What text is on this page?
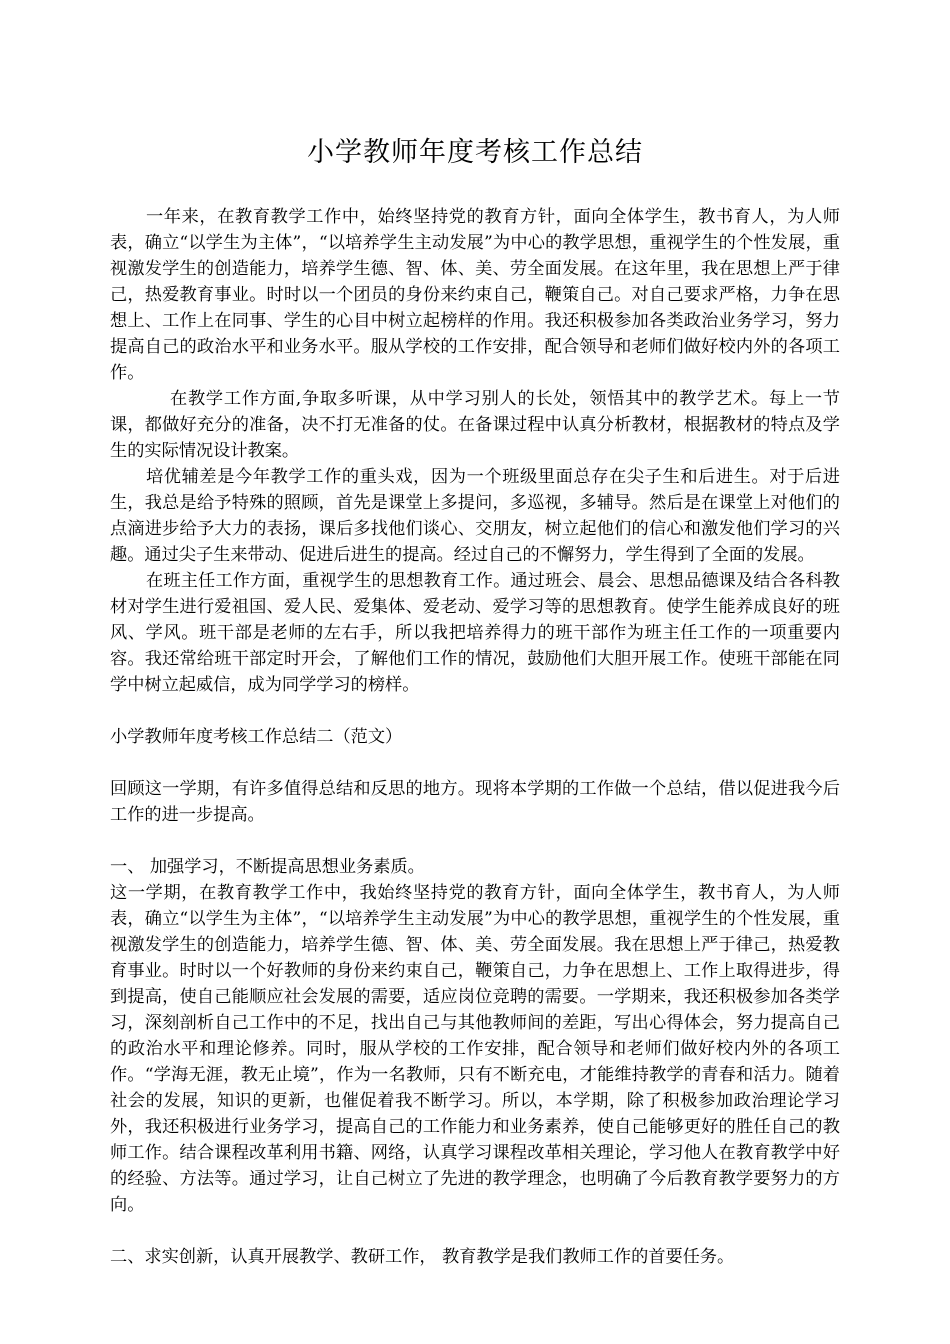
小学教师年度考核工作总结

一年来，在教育教学工作中，始终坚持党的教育方针，面向全体学生，教书育人，为人师表，确立“以学生为主体”，“以培养学生主动发展”为中心的教学思想，重视学生的个性发展，重视激发学生的创造能力，培养学生德、智、体、美、劳全面发展。在这年里，我在思想上严于律己，热爱教育事业。时时以一个团员的身份来约束自己，鞭策自己。对自己要求严格，力争在思想上、工作上在同事、学生的心目中树立起榜样的作用。我还积极参加各类政治业务学习，努力提高自己的政治水平和业务水平。服从学校的工作安排，配合领导和老师们做好校内外的各项工作。

在教学工作方面,争取多听课，从中学习别人的长处，领悟其中的教学艺术。每上一节课，都做好充分的准备，决不打无准备的仗。在备课过程中认真分析教材，根据教材的特点及学生的实际情况设计教案。

培优辅差是今年教学工作的重头戏，因为一个班级里面总存在尖子生和后进生。对于后进生，我总是给予特殊的照顾，首先是课堂上多提问，多巡视，多辅导。然后是在课堂上对他们的点滴进步给予大力的表扬，课后多找他们谈心、交朋友，树立起他们的信心和激发他们学习的兴趣。通过尖子生来带动、促进后进生的提高。经过自己的不懈努力，学生得到了全面的发展。

在班主任工作方面，重视学生的思想教育工作。通过班会、晨会、思想品德课及结合各科教材对学生进行爱祖国、爱人民、爱集体、爱老动、爱学习等的思想教育。使学生能养成良好的班风、学风。班干部是老师的左右手，所以我把培养得力的班干部作为班主任工作的一项重要内容。我还常给班干部定时开会，了解他们工作的情况，鼓励他们大胆开展工作。使班干部能在同学中树立起威信，成为同学学习的榜样。

小学教师年度考核工作总结二（范文）

回顾这一学期，有许多值得总结和反思的地方。现将本学期的工作做一个总结，借以促进我今后工作的进一步提高。

一、 加强学习，不断提高思想业务素质。

这一学期，在教育教学工作中，我始终坚持党的教育方针，面向全体学生，教书育人，为人师表，确立“以学生为主体”，“以培养学生主动发展”为中心的教学思想，重视学生的个性发展，重视激发学生的创造能力，培养学生德、智、体、美、劳全面发展。我在思想上严于律己，热爱教育事业。时时以一个好教师的身份来约束自己，鞭策自己，力争在思想上、工作上取得进步，得到提高，使自己能顺应社会发展的需要，适应岗位竞聘的需要。一学期来，我还积极参加各类学习，深刻剖析自己工作中的不足，找出自己与其他教师间的差距，写出心得体会，努力提高自己的政治水平和理论修养。同时，服从学校的工作安排，配合领导和老师们做好校内外的各项工作。“学海无涯，教无止境”，作为一名教师，只有不断充电，才能维持教学的青春和活力。随着社会的发展，知识的更新，也催促着我不断学习。所以，本学期，除了积极参加政治理论学习外，我还积极进行业务学习，提高自己的工作能力和业务素养，使自己能够更好的胜任自己的教师工作。结合课程改革利用书籍、网络，认真学习课程改革相关理论，学习他人在教育教学中好的经验、方法等。通过学习，让自己树立了先进的教学理念，也明确了今后教育教学要努力的方向。

二、求实创新，认真开展教学、教研工作， 教育教学是我们教师工作的首要任务。
